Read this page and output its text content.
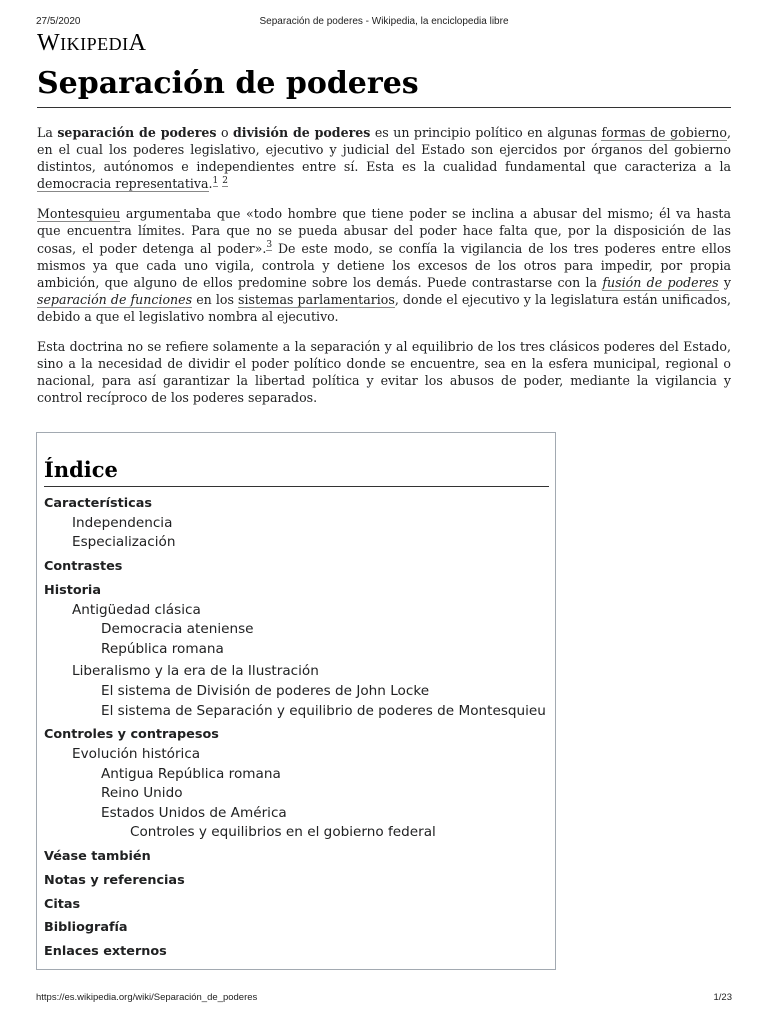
27/5/2020	Separación de poderes - Wikipedia, la enciclopedia libre
WIKIPEDIA
Separación de poderes

La separación de poderes o división de poderes es un principio político en algunas formas de gobierno, en el cual los poderes legislativo, ejecutivo y judicial del Estado son ejercidos por órganos del gobierno distintos, autónomos e independientes entre sí. Esta es la cualidad fundamental que caracteriza a la democracia representativa.$^1$ $^2$

Montesquieu argumentaba que «todo hombre que tiene poder se inclina a abusar del mismo; él va hasta que encuentra límites. Para que no se pueda abusar del poder hace falta que, por la disposición de las cosas, el poder detenga al poder».$^3$ De este modo, se confía la vigilancia de los tres poderes entre ellos mismos ya que cada uno vigila, controla y detiene los excesos de los otros para impedir, por propia ambición, que alguno de ellos predomine sobre los demás. Puede contrastarse con la fusión de poderes y separación de funciones en los sistemas parlamentarios, donde el ejecutivo y la legislatura están unificados, debido a que el legislativo nombra al ejecutivo.

Esta doctrina no se refiere solamente a la separación y al equilibrio de los tres clásicos poderes del Estado, sino a la necesidad de dividir el poder político donde se encuentre, sea en la esfera municipal, regional o nacional, para así garantizar la libertad política y evitar los abusos de poder, mediante la vigilancia y control recíproco de los poderes separados.

Índice
Características
Independencia
Especialización
Contrastes
Historia
Antigüedad clásica
Democracia ateniense
República romana
Liberalismo y la era de la Ilustración
El sistema de División de poderes de John Locke
El sistema de Separación y equilibrio de poderes de Montesquieu
Controles y contrapesos
Evolución histórica
Antigua República romana
Reino Unido
Estados Unidos de América
Controles y equilibrios en el gobierno federal
Véase también
Notas y referencias
Citas
Bibliografía
Enlaces externos
https://es.wikipedia.org/wiki/Separación_de_poderes	1/23
